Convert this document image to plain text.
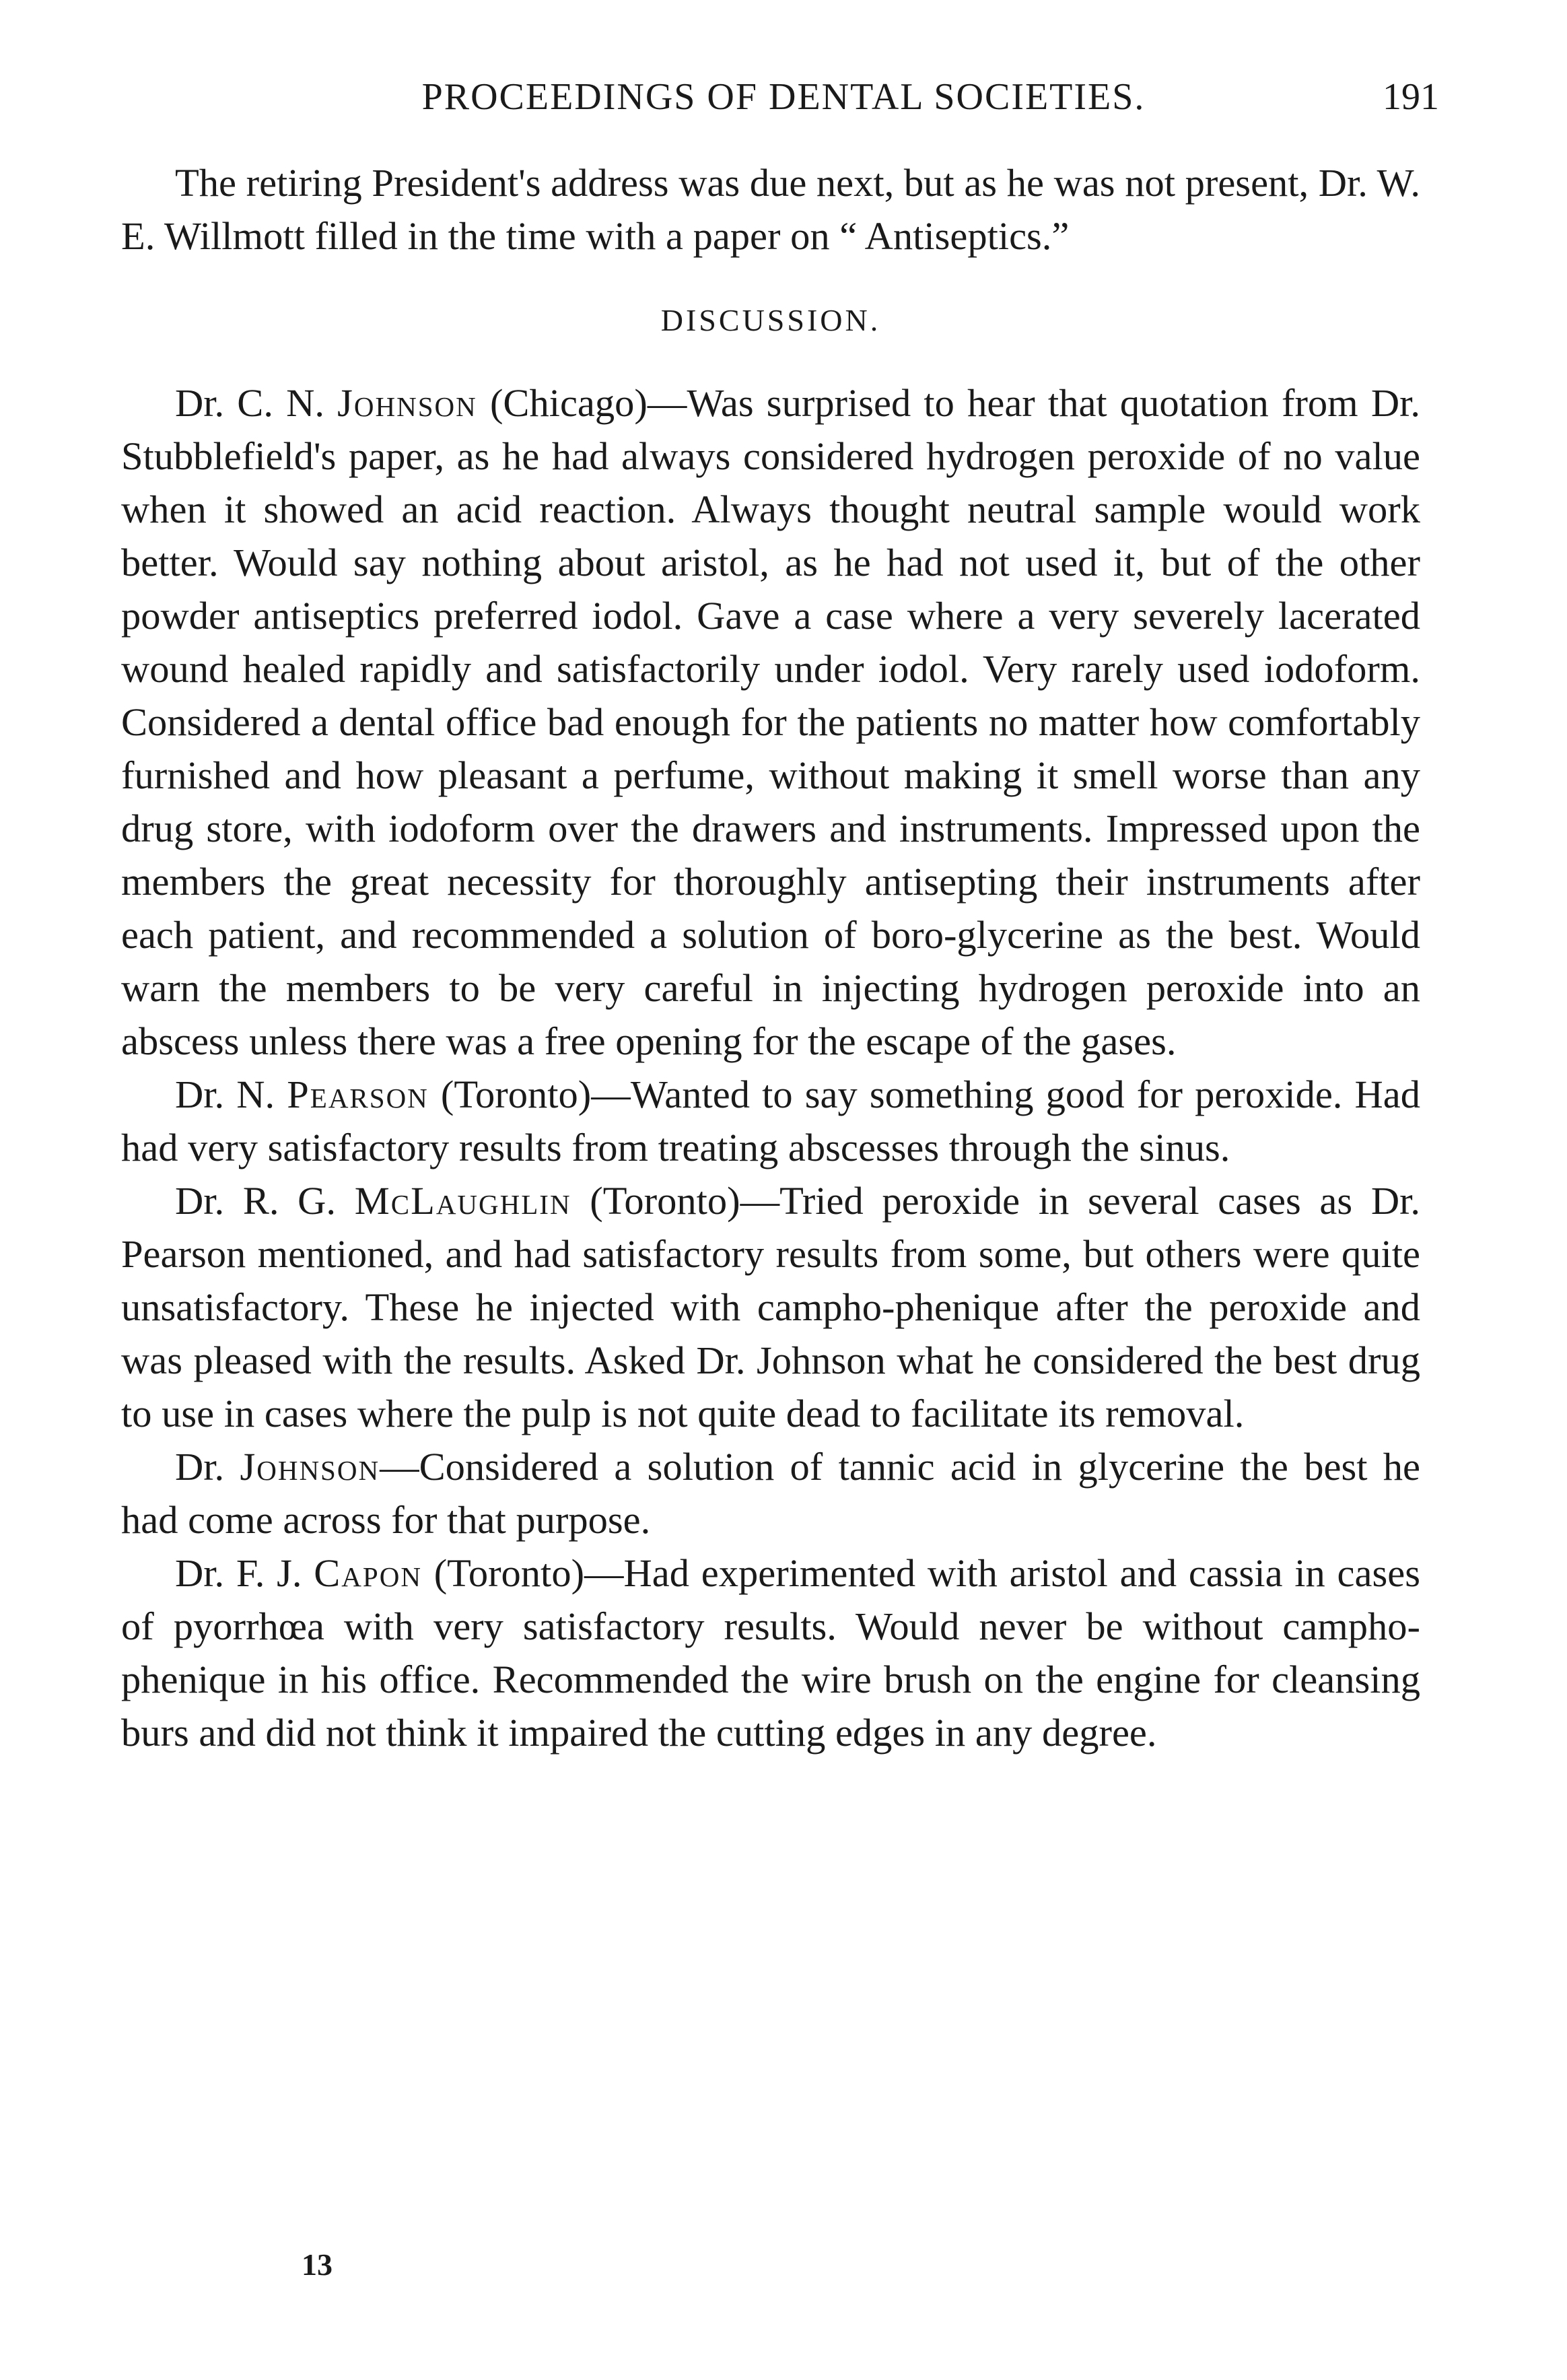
PROCEEDINGS OF DENTAL SOCIETIES.	191

The retiring President's address was due next, but as he was not present, Dr. W. E. Willmott filled in the time with a paper on “ Antiseptics.”

DISCUSSION.

Dr. C. N. Johnson (Chicago)—Was surprised to hear that quotation from Dr. Stubblefield's paper, as he had always considered hydrogen peroxide of no value when it showed an acid reaction. Always thought neutral sample would work better. Would say nothing about aristol, as he had not used it, but of the other powder antiseptics preferred iodol. Gave a case where a very severely lacerated wound healed rapidly and satisfactorily under iodol. Very rarely used iodoform. Considered a dental office bad enough for the patients no matter how comfortably furnished and how pleasant a perfume, without making it smell worse than any drug store, with iodoform over the drawers and instruments. Impressed upon the members the great necessity for thoroughly antisepting their instruments after each patient, and recommended a solution of boro-glycerine as the best. Would warn the members to be very careful in injecting hydrogen peroxide into an abscess unless there was a free opening for the escape of the gases.

Dr. N. Pearson (Toronto)—Wanted to say something good for peroxide. Had had very satisfactory results from treating abscesses through the sinus.

Dr. R. G. McLaughlin (Toronto)—Tried peroxide in several cases as Dr. Pearson mentioned, and had satisfactory results from some, but others were quite unsatisfactory. These he injected with campho-phenique after the peroxide and was pleased with the results. Asked Dr. Johnson what he considered the best drug to use in cases where the pulp is not quite dead to facilitate its removal.

Dr. Johnson—Considered a solution of tannic acid in glycerine the best he had come across for that purpose.

Dr. F. J. Capon (Toronto)—Had experimented with aristol and cassia in cases of pyorrhœa with very satisfactory results. Would never be without campho-phenique in his office. Recommended the wire brush on the engine for cleansing burs and did not think it impaired the cutting edges in any degree.

13
